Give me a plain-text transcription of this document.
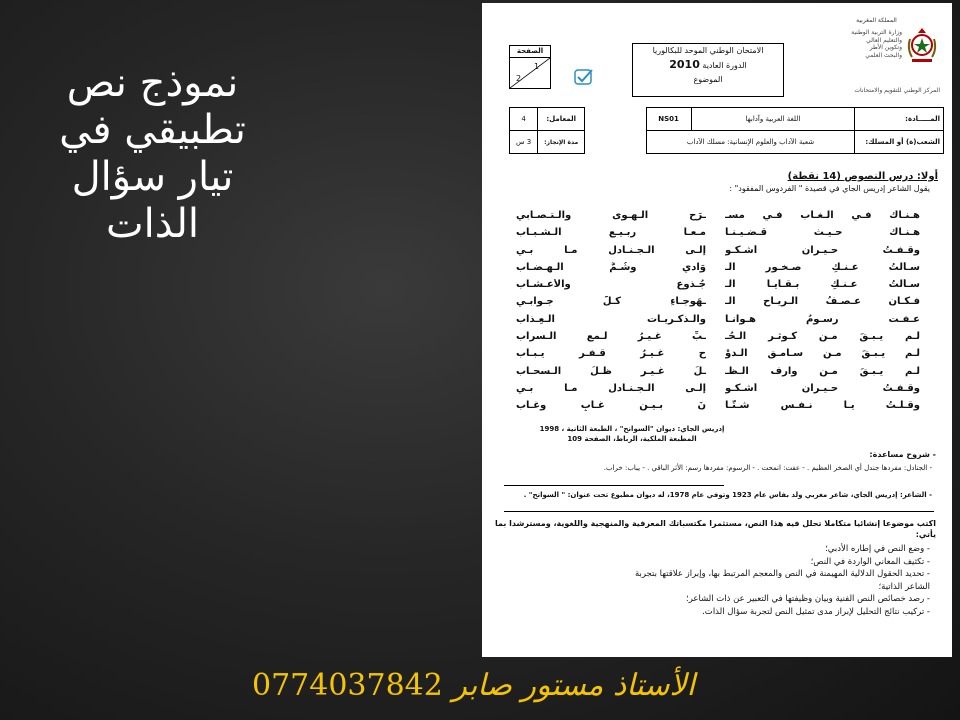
نموذج نص
تطبيقي في
تيار سؤال
الذات
المملكة المغربية
وزارة التربية الوطنية
والتعليم العالي
وتكوين الأطر
والبحث العلمي
المركز الوطني للتقويم والامتحانات
الامتحان الوطني الموحد للبكالوريا
الدورة العادية 2010
الموضوع
الصفحة
1
2
المـــــادة:	اللغة العربية وآدابها	NS01		المعامل:	4
الشعب(ة) أو المسلك:	شعبة الآداب والعلوم الإنسانية: مسلك الآداب			مدة الإنجاز:	3 س
أولا: درس النصوص (14 نقطة)
يقول الشاعر إدريس الجاي في قصيدة " الفردوس المفقود" :
هـنـاك فـي الـغـاب فـي مسـ
ـرَح الـهـوى والـتـصـابي
هـنـاك حـيـث قـضـيـنـا
مـعـا ربـيـع الـشـبـاب
وقـفـتُ حـيـران أشـكـو
إلـى الـجـنـادل مـا بـي
سـألتُ عـنـكِ صـخـور الـ
وَادي وشُـمَّ الـهـضـاب
سـألتُ عـنـكِ بـقـايـا الـ
جُـذوع والأعـشـاب
فـكـان عـصـفُ الـريـاح الـ
ـهَوجـاءِ كـلَّ جـوابـي
عـفـت رسـومُ هـوانـا
والـذكـريـات الـعِـذاب
لـم يـبـقَ مـن كـوثـر الـحُـ
ـبِّ غـيـرُ لـمع الـسراب
لـم يـبـقَ مـن سـامـق الـدوْ
ح غـيـرُ قـفـر يـبـاب
لـم يـبـقَ مـن وارف الـظـ
ـلِّ غـيـر ظـلِّ الـسحـاب
وقـفـتُ حـيـران أشـكـو
إلـى الـجـنـادل مـا بـي
وقـلـتُ يـا نـفـس شـتّـا
نَ بـيـن غـابٍ وغـاب
إدريس الجاي: ديوان "السوانح" ، الطبعة الثانية ، 1998
المطبعة الملكية، الرباط، الصفحة 109
- شروح مساعدة:
- الجنادل: مفردها جندل أي الصخر العظيم . - عفت: انمحت . - الرسوم: مفردها رسم: الأثر الباقي . - يباب: خراب.
- الشاعر: إدريس الجاي، شاعر مغربي ولد بفاس عام 1923 وتوفي عام 1978، له ديوان مطبوع تحت عنوان: " السوانح" .
اكتب موضوعا إنشائيا متكاملا تحلل فيه هذا النص، مستثمرا مكتسباتك المعرفية والمنهجية واللغوية، ومسترشدا بما يأتي:
- وضع النص في إطاره الأدبي؛
- تكثيف المعاني الواردة في النص؛
- تحديد الحقول الدلالية المهيمنة في النص والمعجم المرتبط بها، وإبراز علاقتها بتجربة
الشاعر الذاتية؛
- رصد خصائص النص الفنية وبيان وظيفتها في التعبير عن ذات الشاعر؛
- تركيب نتائج التحليل لإبراز مدى تمثيل النص لتجربة سؤال الذات.
الأستاذ مستور صابر 0774037842
